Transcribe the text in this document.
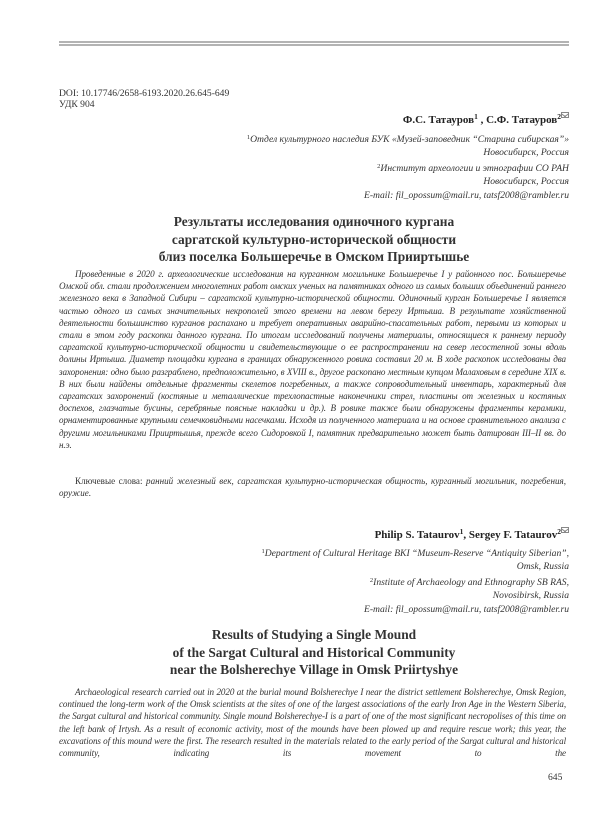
DOI: 10.17746/2658-6193.2020.26.645-649
УДК 904
Ф.С. Татауров$^1$ , С.Ф. Татауров$^2$
$^1$Отдел культурного наследия БУК «Музей-заповедник “Старина сибирская”»
Новосибирск, Россия
$^2$Институт археологии и этнографии СО РАН
Новосибирск, Россия
E-mail: fil_opossum@mail.ru, tatsf2008@rambler.ru
Результаты исследования одиночного кургана
саргатской культурно-исторической общности
близ поселка Большеречье в Омском Прииртышье

Проведенные в 2020 г. археологические исследования на курганном могильнике Большеречье I у районного пос. Большеречье Омской обл. стали продолжением многолетних работ омских ученых на памятниках одного из самых больших объединений раннего железного века в Западной Сибири – саргатской культурно-исторической общности. Одиночный курган Большеречье I является частью одного из самых значительных некрополей этого времени на левом берегу Иртыша. В результате хозяйственной деятельности большинство курганов распахано и требует оперативных аварийно-спасательных работ, первыми из которых и стали в этом году раскопки данного кургана. По итогам исследований получены материалы, относящиеся к раннему периоду саргатской культурно-исторической общности и свидетельствующие о ее распространении на север лесостепной зоны вдоль долины Иртыша. Диаметр площадки кургана в границах обнаруженного ровика составил 20 м. В ходе раскопок исследованы два захоронения: одно было разграблено, предположительно, в XVIII в., другое раскопано местным купцом Малаховым в середине XIX в. В них были найдены отдельные фрагменты скелетов погребенных, а также сопроводительный инвентарь, характерный для саргатских захоронений (костяные и металлические трехлопастные наконечники стрел, пластины от железных и костяных доспехов, глазчатые бусины, серебряные поясные накладки и др.). В ровике также были обнаружены фрагменты керамики, орнаментированные крупными семечковидными насечками. Исходя из полученного материала и на основе сравнительного анализа с другими могильниками Прииртышья, прежде всего Сидоровкой I, памятник предварительно может быть датирован III–II вв. до н.э.

Ключевые слова: ранний железный век, саргатская культурно-историческая общность, курганный могильник, погребения, оружие.
Philip S. Tataurov$^1$, Sergey F. Tataurov$^2$
$^1$Department of Cultural Heritage BKI “Museum-Reserve “Antiquity Siberian”,
Omsk, Russia
$^2$Institute of Archaeology and Ethnography SB RAS,
Novosibirsk, Russia
E-mail: fil_opossum@mail.ru, tatsf2008@rambler.ru
Results of Studying a Single Mound
of the Sargat Cultural and Historical Community
near the Bolsherechye Village in Omsk Priirtyshye

Archaeological research carried out in 2020 at the burial mound Bolsherechye I near the district settlement Bolsherechye, Omsk Region, continued the long-term work of the Omsk scientists at the sites of one of the largest associations of the early Iron Age in the Western Siberia, the Sargat cultural and historical community. Single mound Bolsherechye-I is a part of one of the most significant necropolises of this time on the left bank of Irtysh. As a result of economic activity, most of the mounds have been plowed up and require rescue work; this year, the excavations of this mound were the first. The research resulted in the materials related to the early period of the Sargat cultural and historical community, indicating its movement to the

645
